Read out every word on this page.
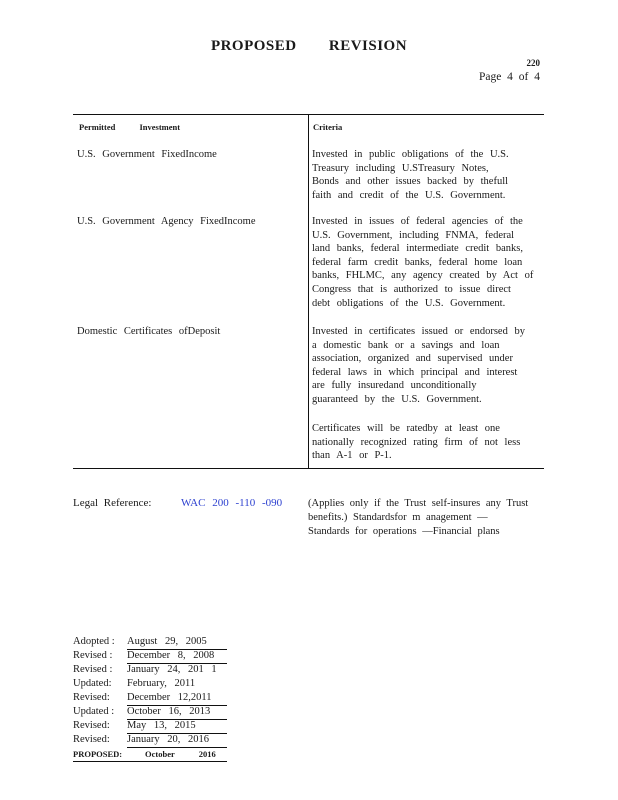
PROPOSED REVISION
220
Page 4 of 4
Permitted Investment	Criteria
U.S. Government FixedIncome	Invested in public obligations of the U.S.
Treasury including U.STreasury Notes,
Bonds and other issues backed by thefull
faith and credit of the U.S. Government.
U.S. Government Agency FixedIncome	Invested in issues of federal agencies of the
U.S. Government, including FNMA, federal
land banks, federal intermediate credit banks,
federal farm credit banks, federal home loan
banks, FHLMC, any agency created by Act of
Congress that is authorized to issue direct
debt obligations of the U.S. Government.
Domestic Certificates ofDeposit	Invested in certificates issued or endorsed by
a domestic bank or a savings and loan
association, organized and supervised under
federal laws in which principal and interest
are fully insuredand unconditionally
guaranteed by the U.S. Government.
Certificates will be ratedby at least one
nationally recognized rating firm of not less
than A-1 or P-1.
Legal Reference:	WAC 200 -110 -090 (Applies only if the Trust self-insures any Trust
benefits.) Standardsfor m anagement —
Standards for operations —Financial plans
Adopted : August 29, 2005
Revised : December 8, 2008
Revised : January 24, 201 1
Updated: February, 2011
Revised: December 12,2011
Updated : October 16, 2013
Revised: May 13, 2015
Revised: January 20, 2016
PROPOSED:	October 2016
